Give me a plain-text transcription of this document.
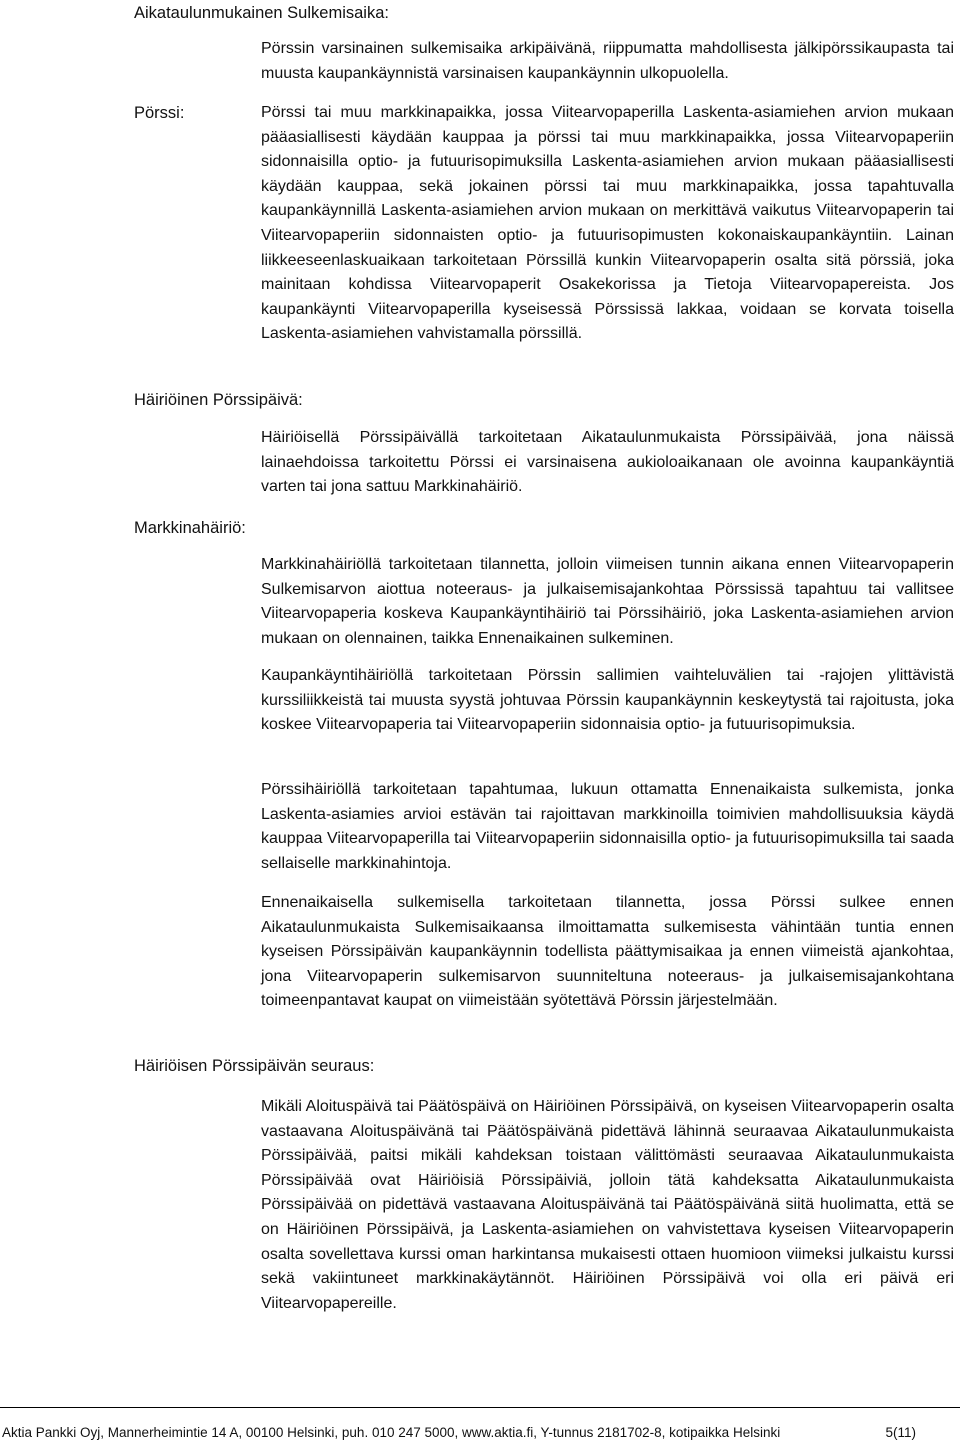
Aikataulunmukainen Sulkemisaika:

Pörssin varsinainen sulkemisaika arkipäivänä, riippumatta mahdollisesta jälkipörssikaupasta tai muusta kaupankäynnistä varsinaisen kaupankäynnin ulkopuolella.

Pörssi:	Pörssi tai muu markkinapaikka, jossa Viitearvopaperilla Laskenta-asiamiehen arvion mukaan pääasiallisesti käydään kauppaa ja pörssi tai muu markkinapaikka, jossa Viitearvopaperiin sidonnaisilla optio- ja futuurisopimuksilla Laskenta-asiamiehen arvion mukaan pääasiallisesti käydään kauppaa, sekä jokainen pörssi tai muu markkinapaikka, jossa tapahtuvalla kaupankäynnillä Laskenta-asiamiehen arvion mukaan on merkittävä vaikutus Viitearvopaperin tai Viitearvopaperiin sidonnaisten optio- ja futuurisopimusten kokonaiskaupankäyntiin. Lainan liikkeeseenlaskuaikaan tarkoitetaan Pörssillä kunkin Viitearvopaperin osalta sitä pörssiä, joka mainitaan kohdissa Viitearvopaperit Osakekorissa ja Tietoja Viitearvopapereista. Jos kaupankäynti Viitearvopaperilla kyseisessä Pörssissä lakkaa, voidaan se korvata toisella Laskenta-asiamiehen vahvistamalla pörssillä.

Häiriöinen Pörssipäivä:

Häiriöisellä Pörssipäivällä tarkoitetaan Aikataulunmukaista Pörssipäivää, jona näissä lainaehdoissa tarkoitettu Pörssi ei varsinaisena aukioloaikanaan ole avoinna kaupankäyntiä varten tai jona sattuu Markkinahäiriö.

Markkinahäiriö:

Markkinahäiriöllä tarkoitetaan tilannetta, jolloin viimeisen tunnin aikana ennen Viitearvopaperin Sulkemisarvon aiottua noteeraus- ja julkaisemisajankohtaa Pörssissä tapahtuu tai vallitsee Viitearvopaperia koskeva Kaupankäyntihäiriö tai Pörssihäiriö, joka Laskenta-asiamiehen arvion mukaan on olennainen, taikka Ennenaikainen sulkeminen.

Kaupankäyntihäiriöllä tarkoitetaan Pörssin sallimien vaihteluvälien tai -rajojen ylittävistä kurssiliikkeistä tai muusta syystä johtuvaa Pörssin kaupankäynnin keskeytystä tai rajoitusta, joka koskee Viitearvopaperia tai Viitearvopaperiin sidonnaisia optio- ja futuurisopimuksia.

Pörssihäiriöllä tarkoitetaan tapahtumaa, lukuun ottamatta Ennenaikaista sulkemista, jonka Laskenta-asiamies arvioi estävän tai rajoittavan markkinoilla toimivien mahdollisuuksia käydä kauppaa Viitearvopaperilla tai Viitearvopaperiin sidonnaisilla optio- ja futuurisopimuksilla tai saada sellaiselle markkinahintoja.

Ennenaikaisella sulkemisella tarkoitetaan tilannetta, jossa Pörssi sulkee ennen Aikataulunmukaista Sulkemisaikaansa ilmoittamatta sulkemisesta vähintään tuntia ennen kyseisen Pörssipäivän kaupankäynnin todellista päättymisaikaa ja ennen viimeistä ajankohtaa, jona Viitearvopaperin sulkemisarvon suunniteltuna noteeraus- ja julkaisemisajankohtana toimeenpantavat kaupat on viimeistään syötettävä Pörssin järjestelmään.

Häiriöisen Pörssipäivän seuraus:

Mikäli Aloituspäivä tai Päätöspäivä on Häiriöinen Pörssipäivä, on kyseisen Viitearvopaperin osalta vastaavana Aloituspäivänä tai Päätöspäivänä pidettävä lähinnä seuraavaa Aikataulunmukaista Pörssipäivää, paitsi mikäli kahdeksan toistaan välittömästi seuraavaa Aikataulunmukaista Pörssipäivää ovat Häiriöisiä Pörssipäiviä, jolloin tätä kahdeksatta Aikataulunmukaista Pörssipäivää on pidettävä vastaavana Aloituspäivänä tai Päätöspäivänä siitä huolimatta, että se on Häiriöinen Pörssipäivä, ja Laskenta-asiamiehen on vahvistettava kyseisen Viitearvopaperin osalta sovellettava kurssi oman harkintansa mukaisesti ottaen huomioon viimeksi julkaistu kurssi sekä vakiintuneet markkinakäytännöt. Häiriöinen Pörssipäivä voi olla eri päivä eri Viitearvopapereille.

Aktia Pankki Oyj, Mannerheimintie 14 A, 00100 Helsinki, puh. 010 247 5000, www.aktia.fi, Y-tunnus 2181702-8, kotipaikka Helsinki	5(11)
